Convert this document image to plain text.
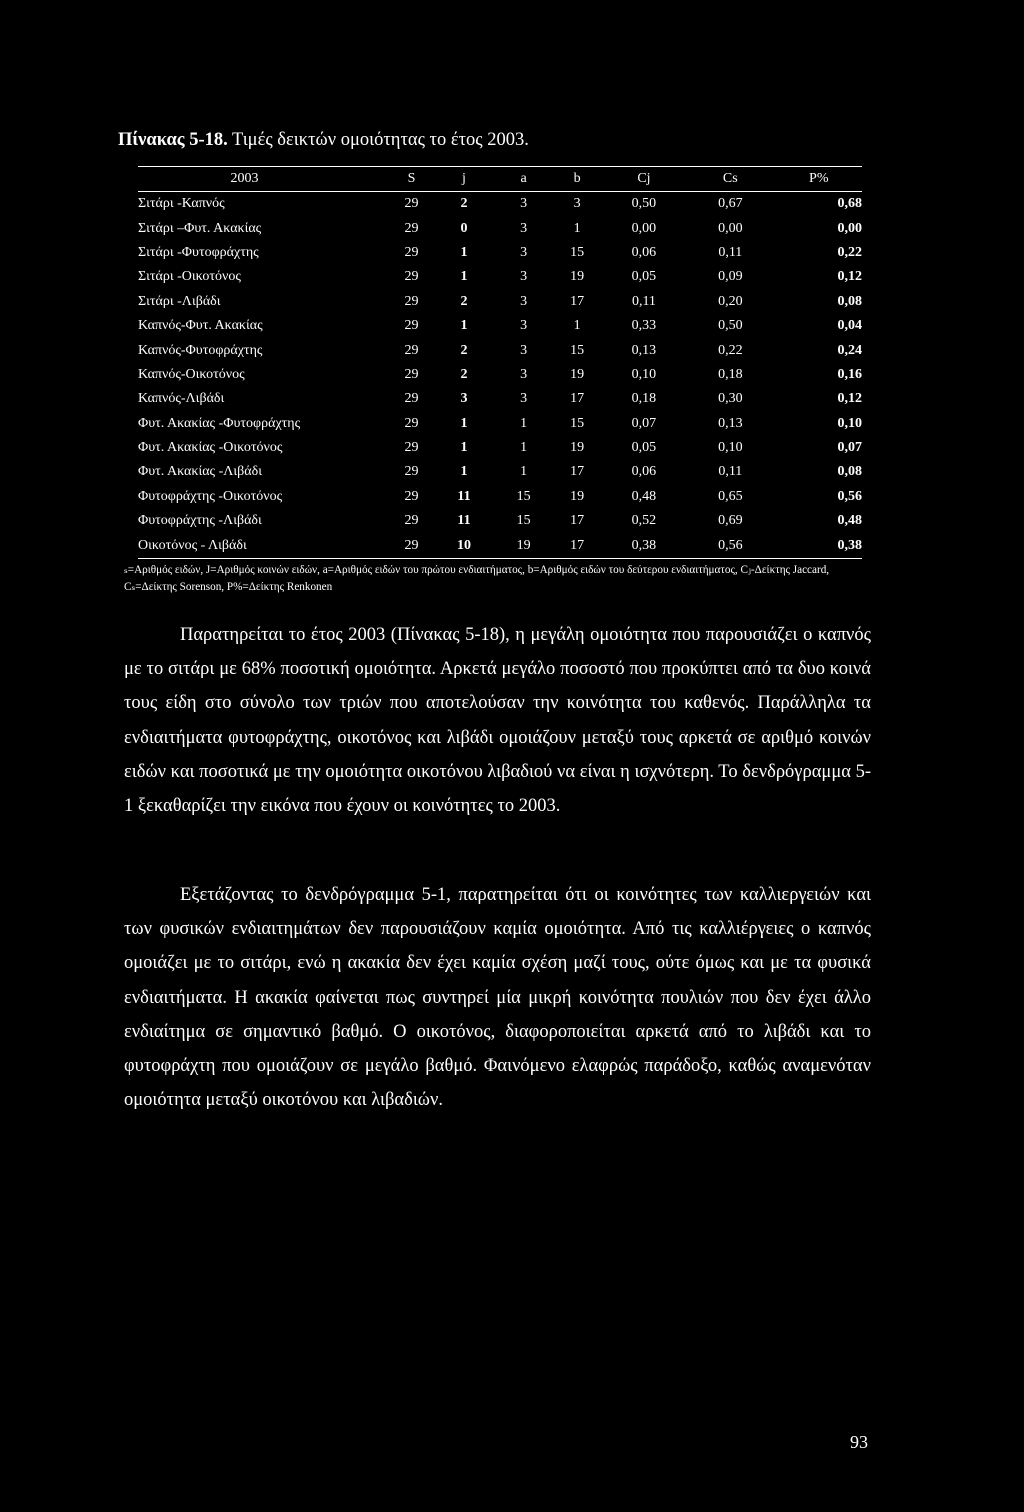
Πίνακας 5-18. Τιμές δεικτών ομοιότητας το έτος 2003.
2003	S	j	a	b	Cj	Cs	P%
Σιτάρι -Καπνός	29	2	3	3	0,50	0,67	0,68
Σιτάρι –Φυτ. Ακακίας	29	0	3	1	0,00	0,00	0,00
Σιτάρι -Φυτοφράχτης	29	1	3	15	0,06	0,11	0,22
Σιτάρι -Οικοτόνος	29	1	3	19	0,05	0,09	0,12
Σιτάρι -Λιβάδι	29	2	3	17	0,11	0,20	0,08
Καπνός-Φυτ. Ακακίας	29	1	3	1	0,33	0,50	0,04
Καπνός-Φυτοφράχτης	29	2	3	15	0,13	0,22	0,24
Καπνός-Οικοτόνος	29	2	3	19	0,10	0,18	0,16
Καπνός-Λιβάδι	29	3	3	17	0,18	0,30	0,12
Φυτ. Ακακίας -Φυτοφράχτης	29	1	1	15	0,07	0,13	0,10
Φυτ. Ακακίας -Οικοτόνος	29	1	1	19	0,05	0,10	0,07
Φυτ. Ακακίας -Λιβάδι	29	1	1	17	0,06	0,11	0,08
Φυτοφράχτης -Οικοτόνος	29	11	15	19	0,48	0,65	0,56
Φυτοφράχτης -Λιβάδι	29	11	15	17	0,52	0,69	0,48
Οικοτόνος - Λιβάδι	29	10	19	17	0,38	0,56	0,38
ₛ=Αριθμός ειδών, J=Αριθμός κοινών ειδών, a=Αριθμός ειδών του πρώτου ενδιαιτήματος, b=Αριθμός ειδών του δεύτερου ενδιαιτήματος, Cⱼ-Δείκτης Jaccard, Cₛ=Δείκτης Sorenson, P%=Δείκτης Renkonen
Παρατηρείται το έτος 2003 (Πίνακας 5-18), η μεγάλη ομοιότητα που παρουσιάζει ο καπνός με το σιτάρι με 68% ποσοτική ομοιότητα. Αρκετά μεγάλο ποσοστό που προκύπτει από τα δυο κοινά τους είδη στο σύνολο των τριών που αποτελούσαν την κοινότητα του καθενός. Παράλληλα τα ενδιαιτήματα φυτοφράχτης, οικοτόνος και λιβάδι ομοιάζουν μεταξύ τους αρκετά σε αριθμό κοινών ειδών και ποσοτικά με την ομοιότητα οικοτόνου λιβαδιού να είναι η ισχνότερη. Το δενδρόγραμμα 5-1 ξεκαθαρίζει την εικόνα που έχουν οι κοινότητες το 2003.
Εξετάζοντας το δενδρόγραμμα 5-1, παρατηρείται ότι οι κοινότητες των καλλιεργειών και των φυσικών ενδιαιτημάτων δεν παρουσιάζουν καμία ομοιότητα. Από τις καλλιέργειες ο καπνός ομοιάζει με το σιτάρι, ενώ η ακακία δεν έχει καμία σχέση μαζί τους, ούτε όμως και με τα φυσικά ενδιαιτήματα. Η ακακία φαίνεται πως συντηρεί μία μικρή κοινότητα πουλιών που δεν έχει άλλο ενδιαίτημα σε σημαντικό βαθμό. Ο οικοτόνος, διαφοροποιείται αρκετά από το λιβάδι και το φυτοφράχτη που ομοιάζουν σε μεγάλο βαθμό. Φαινόμενο ελαφρώς παράδοξο, καθώς αναμενόταν ομοιότητα μεταξύ οικοτόνου και λιβαδιών.
93
